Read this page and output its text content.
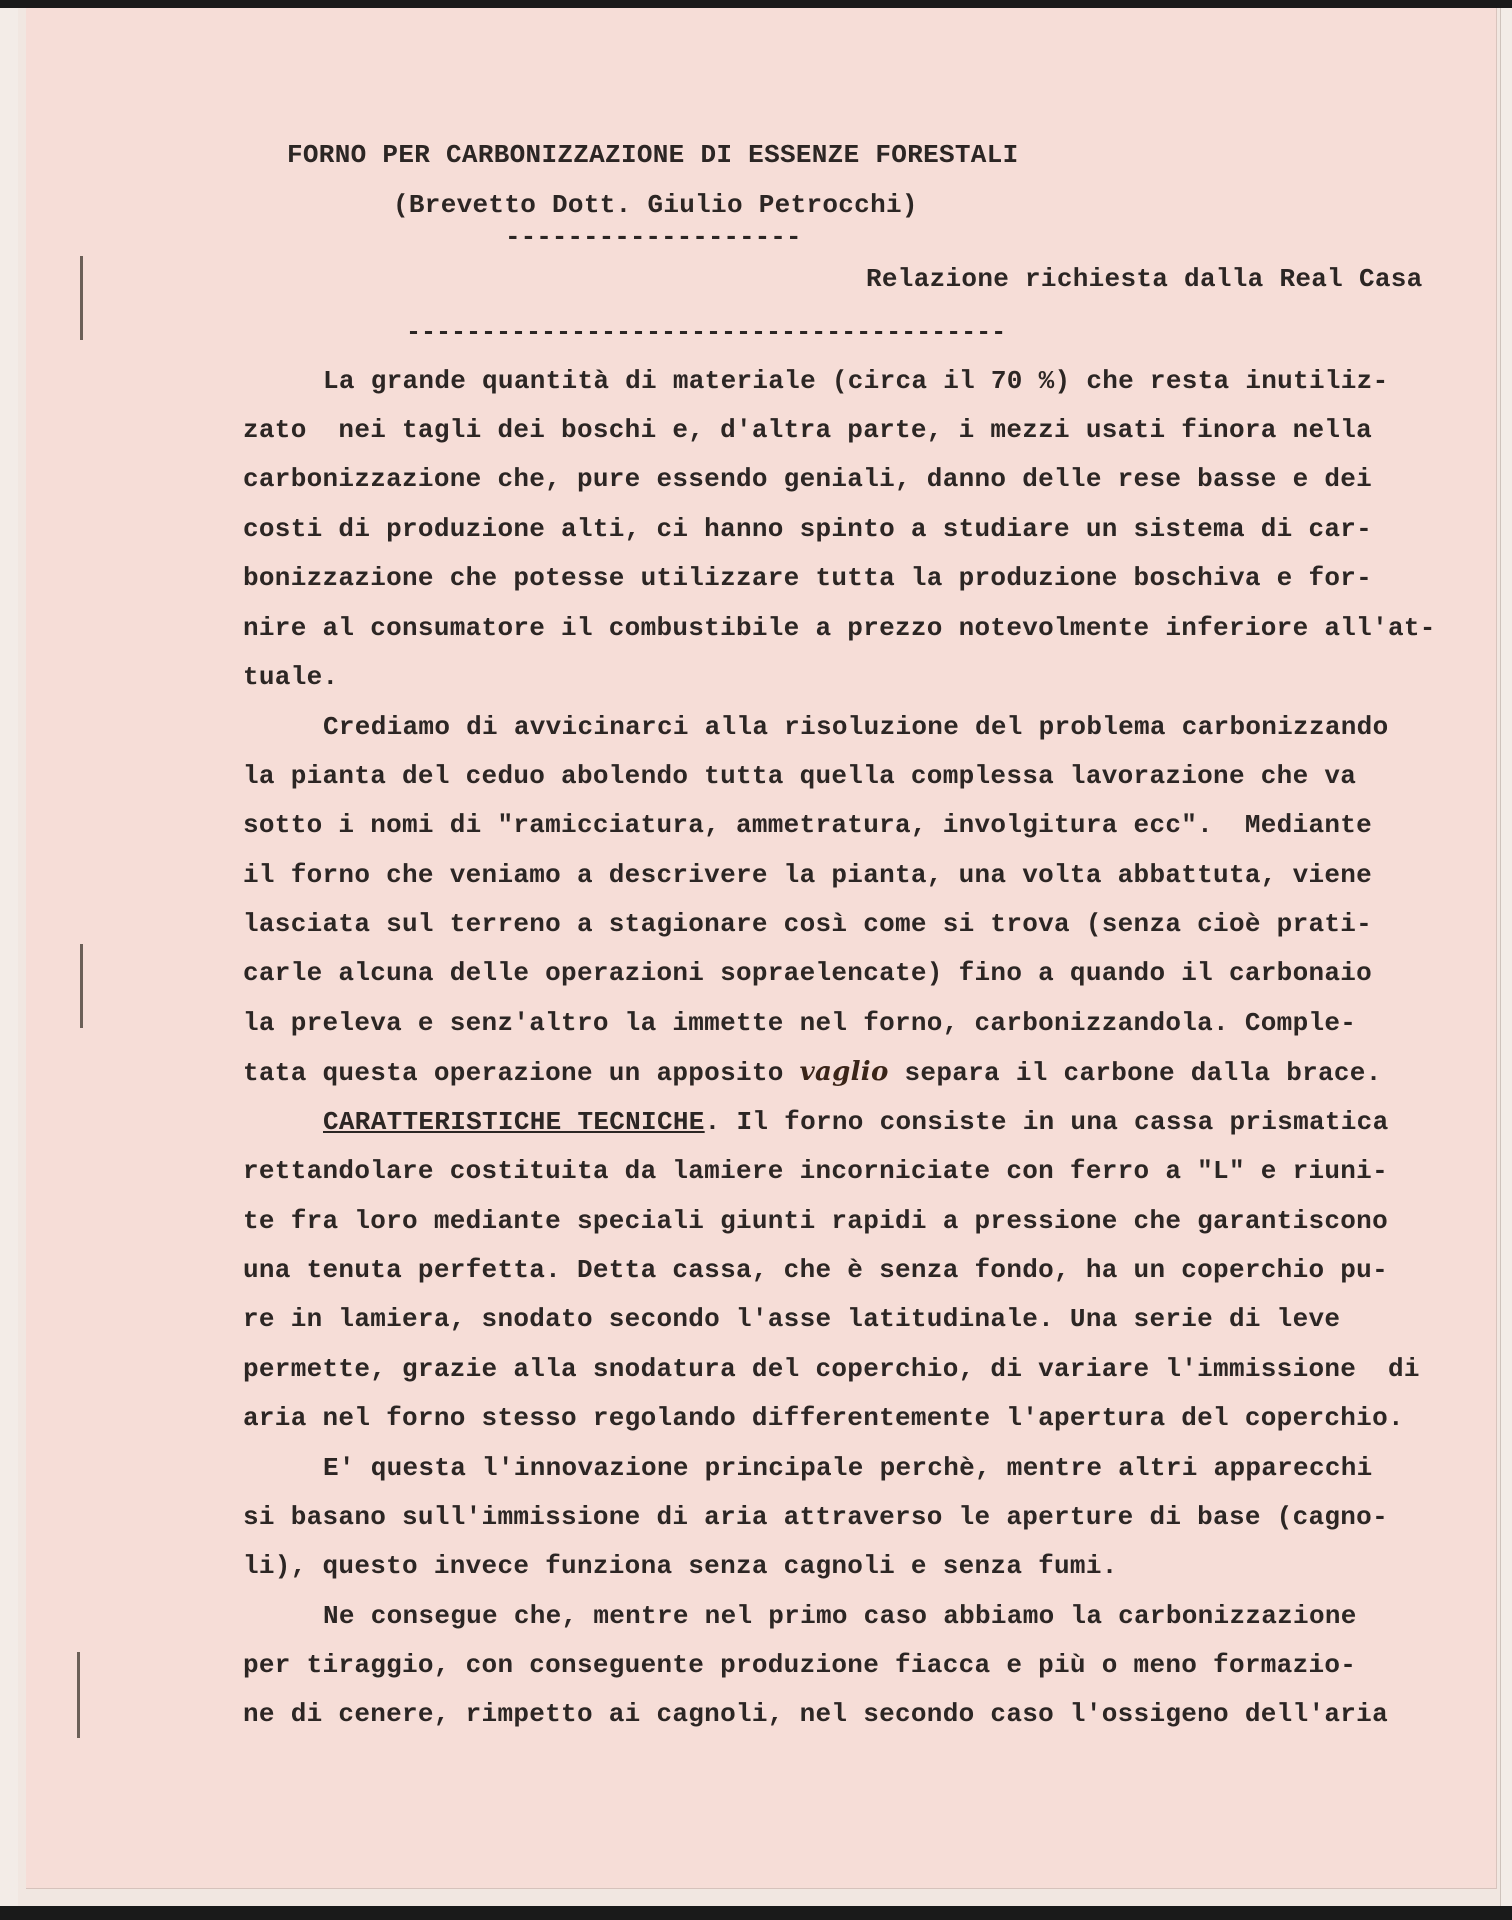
FORNO PER CARBONIZZAZIONE DI ESSENZE FORESTALI
(Brevetto Dott. Giulio Petrocchi)
-------------------
Relazione richiesta dalla Real Casa
----------------------------------------
La grande quantità di materiale (circa il 70 %) che resta inutiliz-
zato  nei tagli dei boschi e, d'altra parte, i mezzi usati finora nella
carbonizzazione che, pure essendo geniali, danno delle rese basse e dei
costi di produzione alti, ci hanno spinto a studiare un sistema di car-
bonizzazione che potesse utilizzare tutta la produzione boschiva e for-
nire al consumatore il combustibile a prezzo notevolmente inferiore all'at-
tuale.
Crediamo di avvicinarci alla risoluzione del problema carbonizzando
la pianta del ceduo abolendo tutta quella complessa lavorazione che va
sotto i nomi di "ramicciatura, ammetratura, involgitura ecc".  Mediante
il forno che veniamo a descrivere la pianta, una volta abbattuta, viene
lasciata sul terreno a stagionare così come si trova (senza cioè prati-
carle alcuna delle operazioni sopraelencate) fino a quando il carbonaio
la preleva e senz'altro la immette nel forno, carbonizzandola. Comple-
tata questa operazione un apposito vaglio separa il carbone dalla brace.
CARATTERISTICHE TECNICHE. Il forno consiste in una cassa prismatica
rettandolare costituita da lamiere incorniciate con ferro a "L" e riuni-
te fra loro mediante speciali giunti rapidi a pressione che garantiscono
una tenuta perfetta. Detta cassa, che è senza fondo, ha un coperchio pu-
re in lamiera, snodato secondo l'asse latitudinale. Una serie di leve
permette, grazie alla snodatura del coperchio, di variare l'immissione  di
aria nel forno stesso regolando differentemente l'apertura del coperchio.
E' questa l'innovazione principale perchè, mentre altri apparecchi
si basano sull'immissione di aria attraverso le aperture di base (cagno-
li), questo invece funziona senza cagnoli e senza fumi.
Ne consegue che, mentre nel primo caso abbiamo la carbonizzazione
per tiraggio, con conseguente produzione fiacca e più o meno formazio-
ne di cenere, rimpetto ai cagnoli, nel secondo caso l'ossigeno dell'aria
